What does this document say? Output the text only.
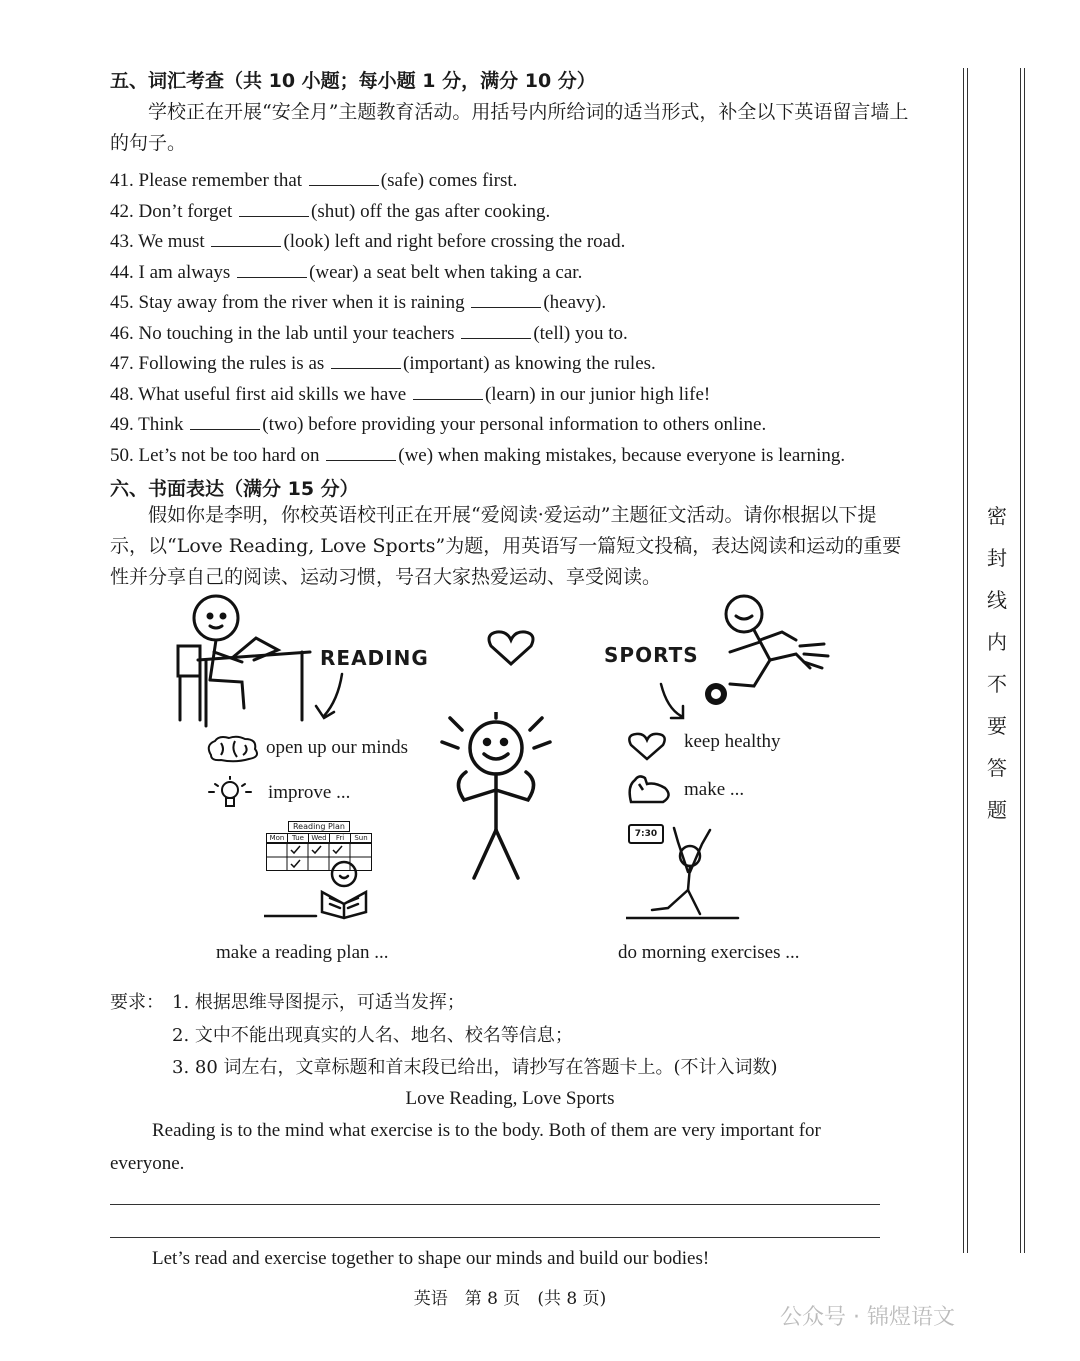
五、词汇考查（共 10 小题；每小题 1 分，满分 10 分）
学校正在开展“安全月”主题教育活动。用括号内所给词的适当形式，补全以下英语留言墙上的句子。
41. Please remember that	(safe) comes first.
42. Don’t forget	(shut) off the gas after cooking.
43. We must	(look) left and right before crossing the road.
44. I am always	(wear) a seat belt when taking a car.
45. Stay away from the river when it is raining	(heavy).
46. No touching in the lab until your teachers	(tell) you to.
47. Following the rules is as	(important) as knowing the rules.
48. What useful first aid skills we have	(learn) in our junior high life!
49. Think	(two) before providing your personal information to others online.
50. Let’s not be too hard on	(we) when making mistakes, because everyone is learning.
六、书面表达（满分 15 分）
假如你是李明，你校英语校刊正在开展“爱阅读·爱运动”主题征文活动。请你根据以下提示，以“Love Reading, Love Sports”为题，用英语写一篇短文投稿，表达阅读和运动的重要性并分享自己的阅读、运动习惯，号召大家热爱运动、享受阅读。
READING	SPORTS
open up our minds
improve ...
Reading Plan
Mon	Tue	Wed	Fri	Sun
make a reading plan ...
keep healthy
make ...
7:30
do morning exercises ...
要求： 1. 根据思维导图提示，可适当发挥；
2. 文中不能出现真实的人名、地名、校名等信息；
3. 80 词左右，文章标题和首末段已给出，请抄写在答题卡上。(不计入词数)
Love Reading, Love Sports
Reading is to the mind what exercise is to the body. Both of them are very important for
everyone.
Let’s read and exercise together to shape our minds and build our bodies!
英语　第 8 页　(共 8 页)
密
封
线
内
不
要
答
题
公众号 · 锦煜语文
